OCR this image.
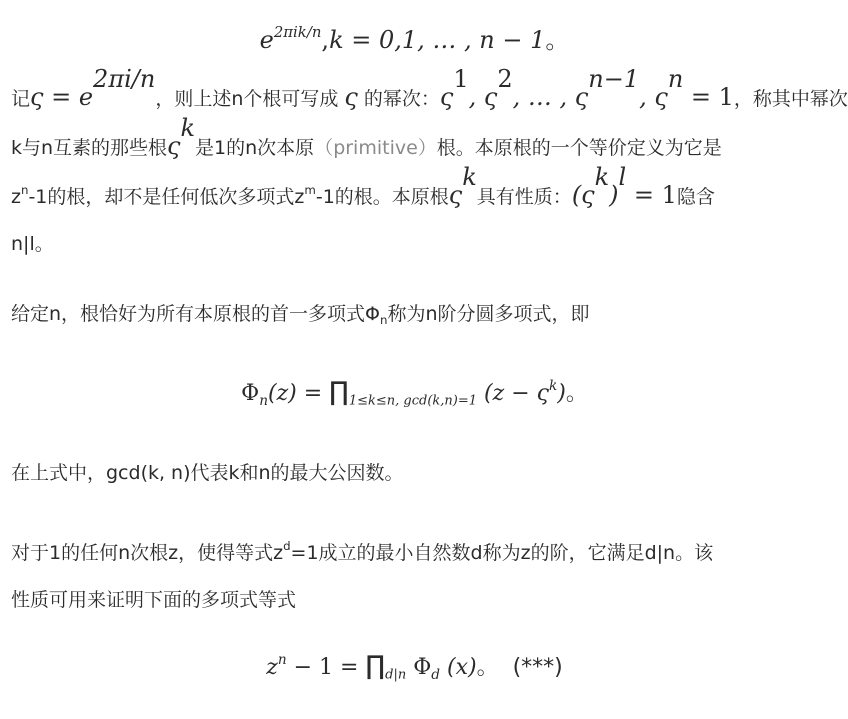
$e^{2\pi ik/n},k = 0,1$, … , n − 1。
记$\varsigma = e^{2\pi i/n}$，则上述n个根可写成 ς 的幂次：$\varsigma^1$, $\varsigma^2$, … , $\varsigma^{n-1}$, $\varsigma^n = 1$，称其中幂次
k与n互素的那些根$\varsigma^k$是1的n次本原（primitive）根。本原根的一个等价定义为它是
$z^n-1$的根，却不是任何低次多项式$z^m-1$的根。本原根$\varsigma^k$具有性质：$(\varsigma^k)^l = 1$隐含
n|l。
给定n，根恰好为所有本原根的首一多项式$\Phi_n$称为n阶分圆多项式，即
$\Phi_n(z)$ = $\prod_{1\le k\le n, gcd(k,n)=1}$ $(z - \varsigma^k)$。
在上式中，gcd(k, n)代表k和n的最大公因数。
对于1的任何n次根z，使得等式$z^d=1$成立的最小自然数d称为z的阶，它满足d|n。该
性质可用来证明下面的多项式等式
$z^n - 1$ = $\prod_{d|n}$ $\Phi_d$ (x)。  (***)
